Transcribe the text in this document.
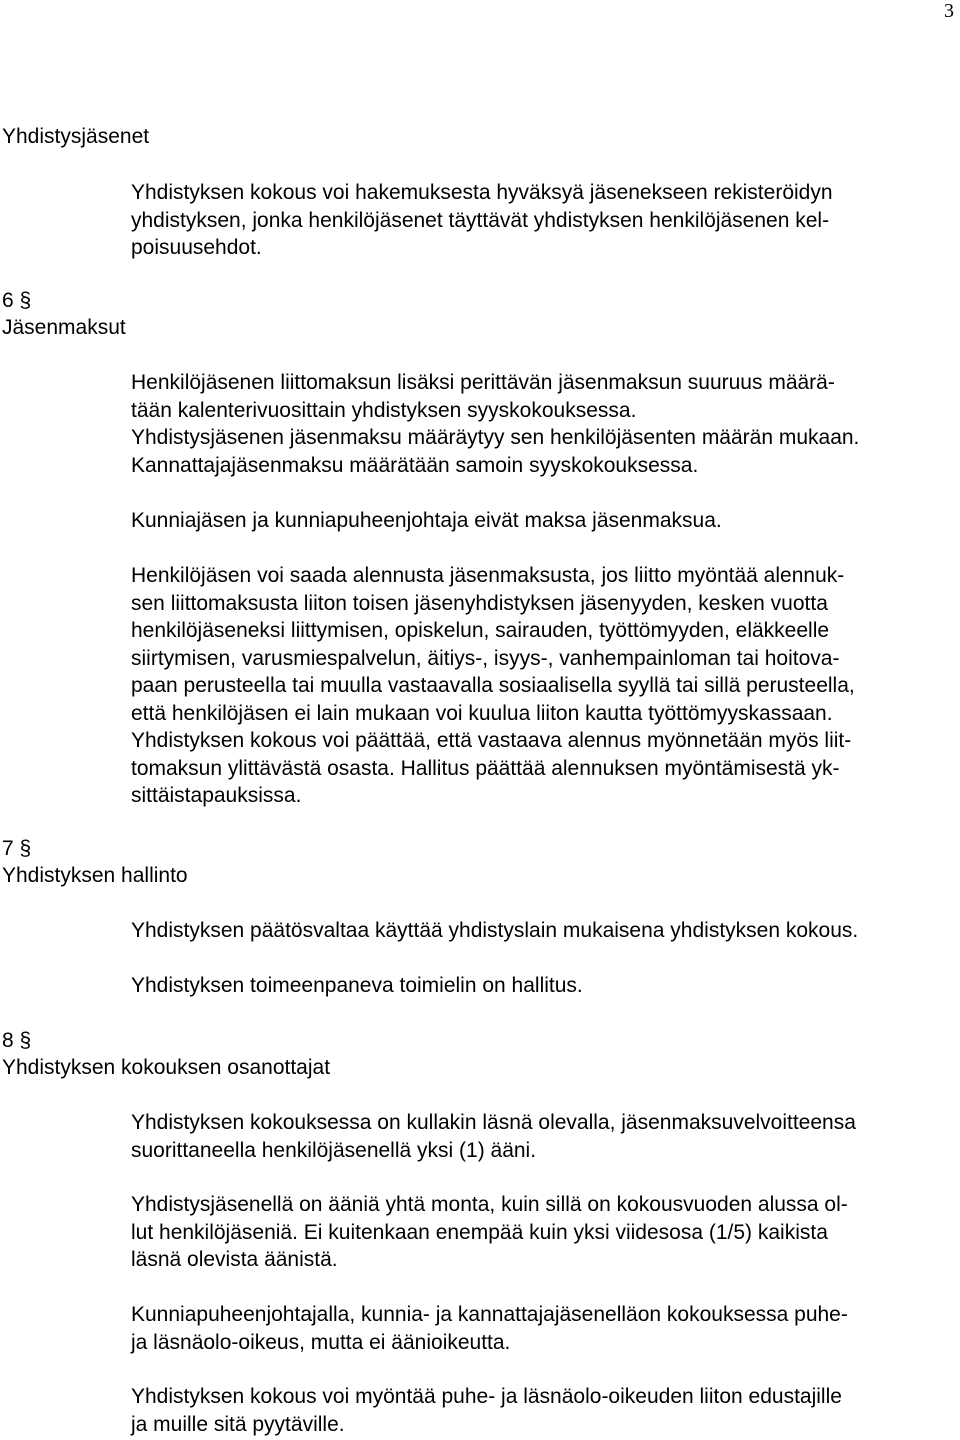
3
Yhdistysjäsenet
Yhdistyksen kokous voi hakemuksesta hyväksyä jäsenekseen rekisteröidyn
yhdistyksen, jonka henkilöjäsenet täyttävät yhdistyksen henkilöjäsenen kel-
poisuusehdot.
6 §
Jäsenmaksut
Henkilöjäsenen liittomaksun lisäksi perittävän jäsenmaksun suuruus määrä-
tään kalenterivuosittain yhdistyksen syyskokouksessa.
Yhdistysjäsenen jäsenmaksu määräytyy sen henkilöjäsenten määrän mukaan.
Kannattajajäsenmaksu määrätään samoin syyskokouksessa.
Kunniajäsen ja kunniapuheenjohtaja eivät maksa jäsenmaksua.
Henkilöjäsen voi saada alennusta jäsenmaksusta, jos liitto myöntää alennuk-
sen liittomaksusta liiton toisen jäsenyhdistyksen jäsenyyden, kesken vuotta
henkilöjäseneksi liittymisen, opiskelun, sairauden, työttömyyden, eläkkeelle
siirtymisen, varusmiespalvelun, äitiys-, isyys-, vanhempainloman tai hoitova-
paan perusteella tai muulla vastaavalla sosiaalisella syyllä tai sillä perusteella,
että henkilöjäsen ei lain mukaan voi kuulua liiton kautta työttömyyskassaan.
Yhdistyksen kokous voi päättää, että vastaava alennus myönnetään myös liit-
tomaksun ylittävästä osasta. Hallitus päättää alennuksen myöntämisestä yk-
sittäistapauksissa.
7 §
Yhdistyksen hallinto
Yhdistyksen päätösvaltaa käyttää yhdistyslain mukaisena yhdistyksen kokous.
Yhdistyksen toimeenpaneva toimielin on hallitus.
8 §
Yhdistyksen kokouksen osanottajat
Yhdistyksen kokouksessa on kullakin läsnä olevalla, jäsenmaksuvelvoitteensa
suorittaneella henkilöjäsenellä yksi (1) ääni.
Yhdistysjäsenellä on ääniä yhtä monta, kuin sillä on kokousvuoden alussa ol-
lut henkilöjäseniä. Ei kuitenkaan enempää kuin yksi viidesosa (1/5) kaikista
läsnä olevista äänistä.
Kunniapuheenjohtajalla, kunnia- ja kannattajajäsenelläon kokouksessa puhe-
ja läsnäolo-oikeus, mutta ei äänioikeutta.
Yhdistyksen kokous voi myöntää puhe- ja läsnäolo-oikeuden liiton edustajille
ja muille sitä pyytäville.
